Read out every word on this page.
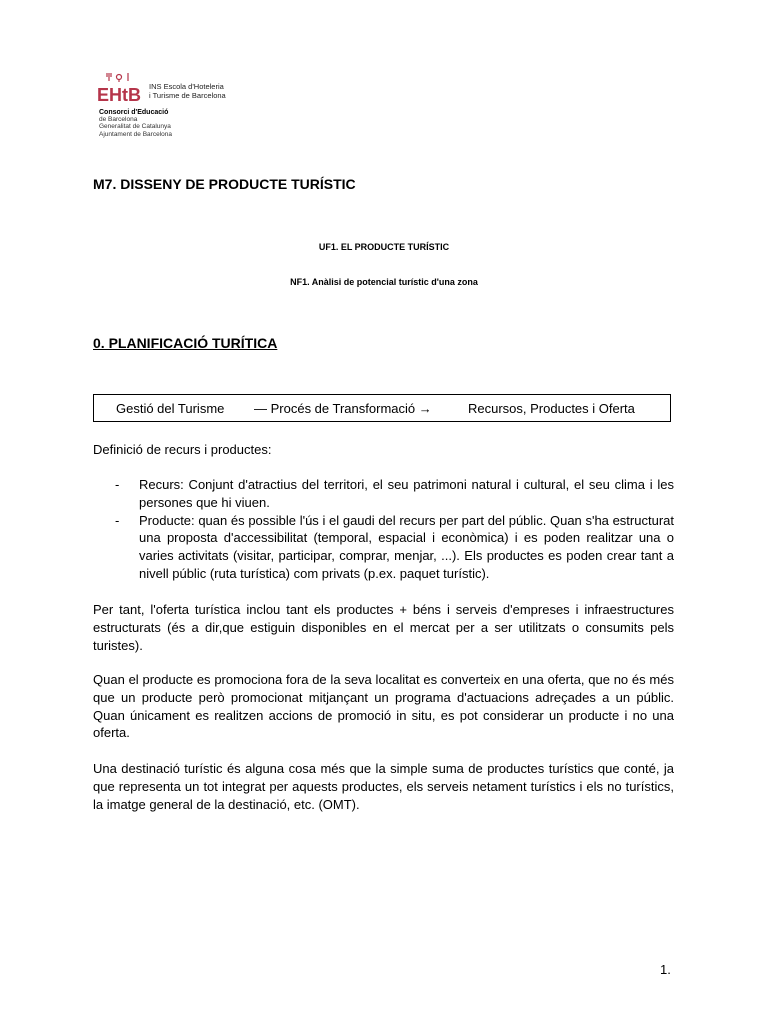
EHtB INS Escola d'Hoteleria
i Turisme de Barcelona
Consorci d'Educació
de Barcelona
Generalitat de Catalunya
Ajuntament de Barcelona
M7. DISSENY DE PRODUCTE TURÍSTIC
UF1. EL PRODUCTE TURÍSTIC
NF1. Anàlisi de potencial turístic d'una zona
0. PLANIFICACIÓ TURÍTICA
Gestió del Turisme — Procés de Transformació →	Recursos, Productes i Oferta
Definició de recurs i productes:
- Recurs: Conjunt d'atractius del territori, el seu patrimoni natural i cultural, el seu clima i les persones que hi viuen.
- Producte: quan és possible l'ús i el gaudi del recurs per part del públic. Quan s'ha estructurat una proposta d'accessibilitat (temporal, espacial i econòmica) i es poden realitzar una o varies activitats (visitar, participar, comprar, menjar, ...). Els productes es poden crear tant a nivell públic (ruta turística) com privats (p.ex. paquet turístic).
Per tant, l'oferta turística inclou tant els productes + béns i serveis d'empreses i infraestructures estructurats (és a dir,que estiguin disponibles en el mercat per a ser utilitzats o consumits pels turistes).
Quan el producte es promociona fora de la seva localitat es converteix en una oferta, que no és més que un producte però promocionat mitjançant un programa d'actuacions adreçades a un públic. Quan únicament es realitzen accions de promoció in situ, es pot considerar un producte i no una oferta.
Una destinació turístic és alguna cosa més que la simple suma de productes turístics que conté, ja que representa un tot integrat per aquests productes, els serveis netament turístics i els no turístics, la imatge general de la destinació, etc. (OMT).
1.
